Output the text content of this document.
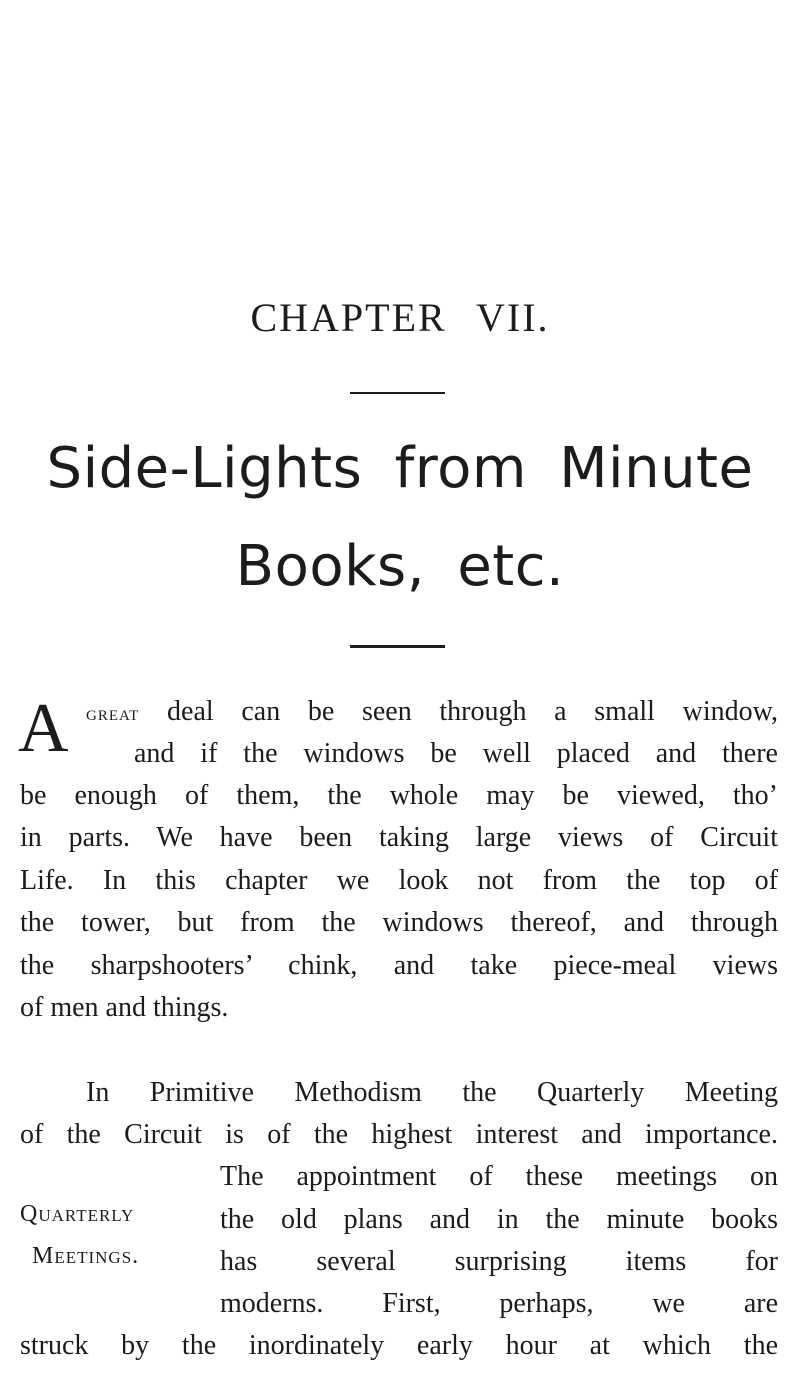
CHAPTER VII.
Side-Lights from Minute
Books, etc.
A great deal can be seen through a small window,
and if the windows be well placed and there
be enough of them, the whole may be viewed, tho’
in parts. We have been taking large views of Circuit
Life. In this chapter we look not from the top of
the tower, but from the windows thereof, and through
the sharpshooters’ chink, and take piece-meal views
of men and things.
In Primitive Methodism the Quarterly Meeting
of the Circuit is of the highest interest and importance.
The appointment of these meetings on
the old plans and in the minute books
has several surprising items for
moderns. First, perhaps, we are
struck by the inordinately early hour at which the
Quarterly
Meetings.
